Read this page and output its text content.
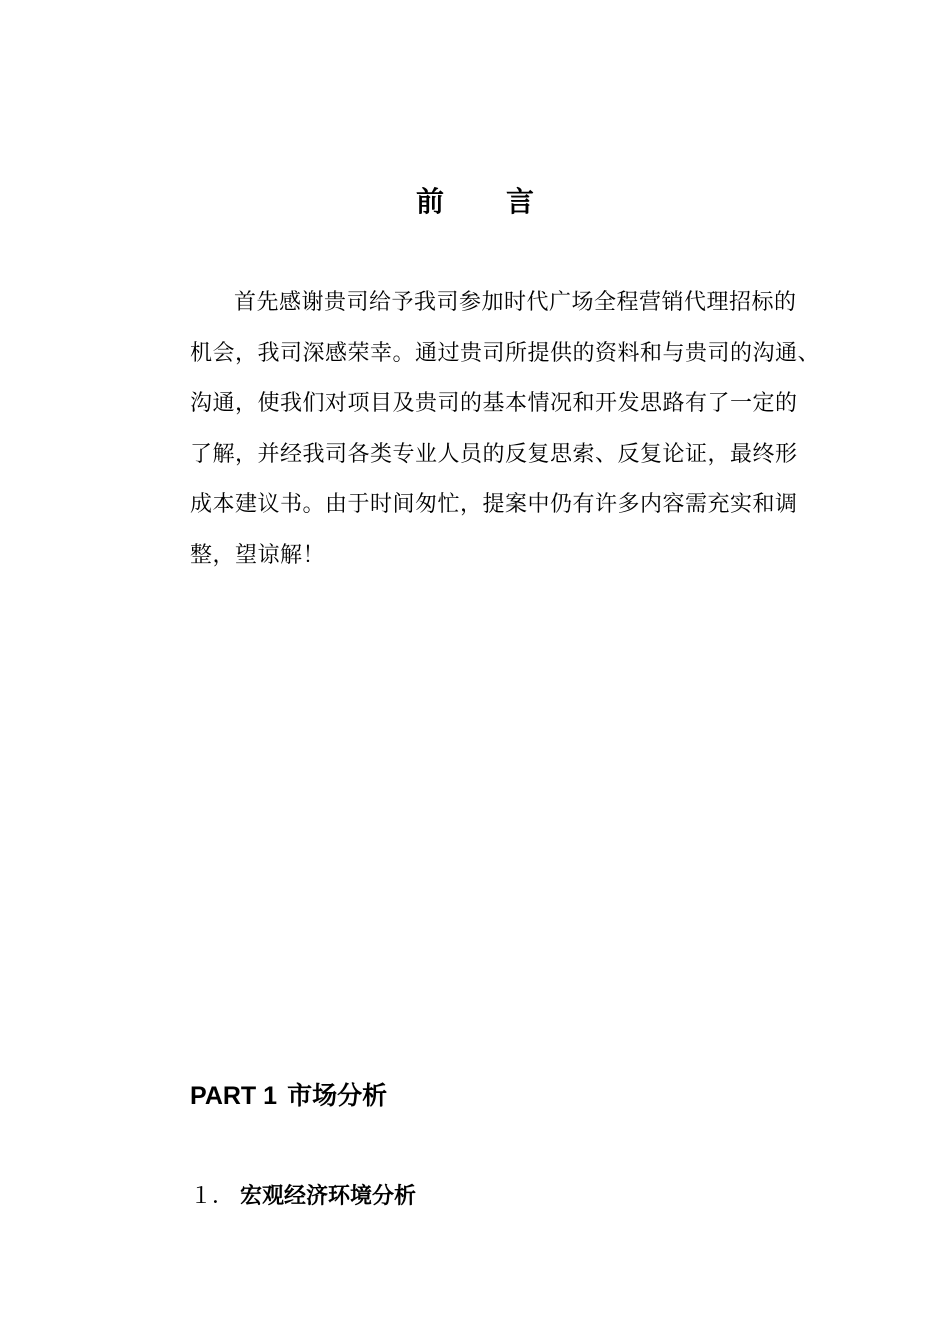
前 言
首先感谢贵司给予我司参加时代广场全程营销代理招标的
机会，我司深感荣幸。通过贵司所提供的资料和与贵司的沟通、
沟通，使我们对项目及贵司的基本情况和开发思路有了一定的
了解，并经我司各类专业人员的反复思索、反复论证，最终形
成本建议书。由于时间匆忙，提案中仍有许多内容需充实和调
整，望谅解！
PART 1 市场分析
１． 宏观经济环境分析
